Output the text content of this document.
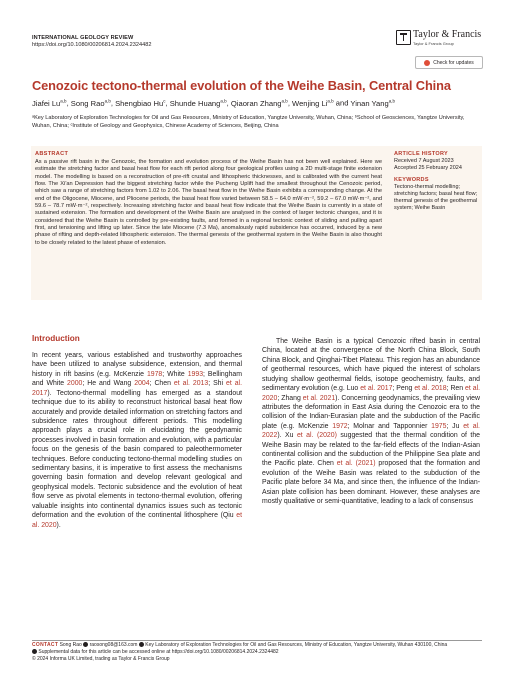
INTERNATIONAL GEOLOGY REVIEW
https://doi.org/10.1080/00206814.2024.2324482
Taylor & Francis
Taylor & Francis Group
Check for updates
Cenozoic tectono-thermal evolution of the Weihe Basin, Central China
Jiafei Lu$^{a,b}$, Song Rao$^{a,b}$, Shengbiao Hu$^c$, Shunde Huang$^{a,b}$, Qiaoran Zhang$^{a,b}$, Wenjing Li$^{a,b}$ and Yinan Yang$^{a,b}$
ᵃKey Laboratory of Exploration Technologies for Oil and Gas Resources, Ministry of Education, Yangtze University, Wuhan, China; ᵇSchool of Geosciences, Yangtze University, Wuhan, China; ᶜInstitute of Geology and Geophysics, Chinese Academy of Sciences, Beijing, China
ABSTRACT
As a passive rift basin in the Cenozoic, the formation and evolution process of the Weihe Basin has not been well explained. Here we estimate the stretching factor and basal heat flow for each rift period along four geological profiles using a 2D multi-stage finite extension model. The modelling is based on a reconstruction of pre-rift crustal and lithospheric thicknesses, and is calibrated with the current heat flow. The Xi'an Depression had the biggest stretching factor while the Pucheng Uplift had the smallest throughout the Cenozoic period, which saw a range of stretching factors from 1.02 to 2.06. The basal heat flow in the Weihe Basin exhibits a corresponding change. At the end of the Oligocene, Miocene, and Pliocene periods, the basal heat flow varied between 58.5 – 64.0 mW·m⁻², 59.2 – 67.0 mW·m⁻², and 59.6 – 78.7 mW·m⁻², respectively. Increasing stretching factor and basal heat flow indicate that the Weihe Basin is currently in a state of sustained extension. The formation and development of the Weihe Basin are analysed in the context of larger tectonic changes, and it is considered that the Weihe Basin is controlled by pre-existing faults, and formed in a regional tectonic context of sliding and pulling apart first, and tensioning and lifting up later. Since the late Miocene (7.3 Ma), anomalously rapid subsidence has occurred, induced by a new phase of rifting and depth-related lithospheric extension. The thermal genesis of the geothermal system in the Weihe Basin is also thought to be closely related to the latest phase of extension.
ARTICLE HISTORY
Received 7 August 2023
Accepted 25 February 2024
KEYWORDS
Tectono-thermal modelling; stretching factors; basal heat flow; thermal genesis of the geothermal system; Weihe Basin
Introduction

In recent years, various established and trustworthy approaches have been utilized to analyse subsidence, extension, and thermal history in rift basins (e.g. McKenzie 1978; White 1993; Bellingham and White 2000; He and Wang 2004; Chen et al. 2013; Shi et al. 2017). Tectono-thermal modelling has emerged as a standout technique due to its ability to reconstruct historical basal heat flow accurately and provide detailed information on stretching factors and subsidence rates throughout different periods. This modelling approach plays a crucial role in elucidating the geodynamic processes involved in basin formation and evolution, with a particular focus on the genesis of the basin compared to paleothermometer techniques. Before conducting tectono-thermal modelling studies on sedimentary basins, it is imperative to first assess the mechanisms governing basin formation and develop relevant geological and geophysical models. Tectonic subsidence and the evolution of heat flow serve as pivotal elements in tectono-thermal evolution, offering valuable insights into continental dynamics issues such as tectonic deformation and the evolution of the continental lithosphere (Qiu et al. 2020).

The Weihe Basin is a typical Cenozoic rifted basin in central China, located at the convergence of the North China Block, South China Block, and Qinghai-Tibet Plateau. This region has an abundance of geothermal resources, which have piqued the interest of scholars studying shallow geothermal fields, isotope geochemistry, faults, and sedimentary evolution (e.g. Luo et al. 2017; Peng et al. 2018; Ren et al. 2020; Zhang et al. 2021). Concerning geodynamics, the prevailing view attributes the deformation in East Asia during the Cenozoic era to the collision of the Indian-Eurasian plate and the subduction of the Pacific plate (e.g. McKenzie 1972; Molnar and Tapponnier 1975; Ju et al. 2022). Xu et al. (2020) suggested that the thermal condition of the Weihe Basin may be related to the far-field effects of the Indian-Asian continental collision and the subduction of the Philippine Sea plate and the Pacific plate. Chen et al. (2021) proposed that the formation and evolution of the Weihe Basin was related to the subduction of the Pacific plate before 34 Ma, and since then, the influence of the Indian-Asian plate collision has been dominant. However, these analyses are mostly qualitative or semi-quantitative, leading to a lack of consensus

CONTACT Song Rao raosong08@163.com Key Laboratory of Exploration Technologies for Oil and Gas Resources, Ministry of Education, Yangtze University, Wuhan 430100, China
Supplemental data for this article can be accessed online at https://doi.org/10.1080/00206814.2024.2324482
© 2024 Informa UK Limited, trading as Taylor & Francis Group
